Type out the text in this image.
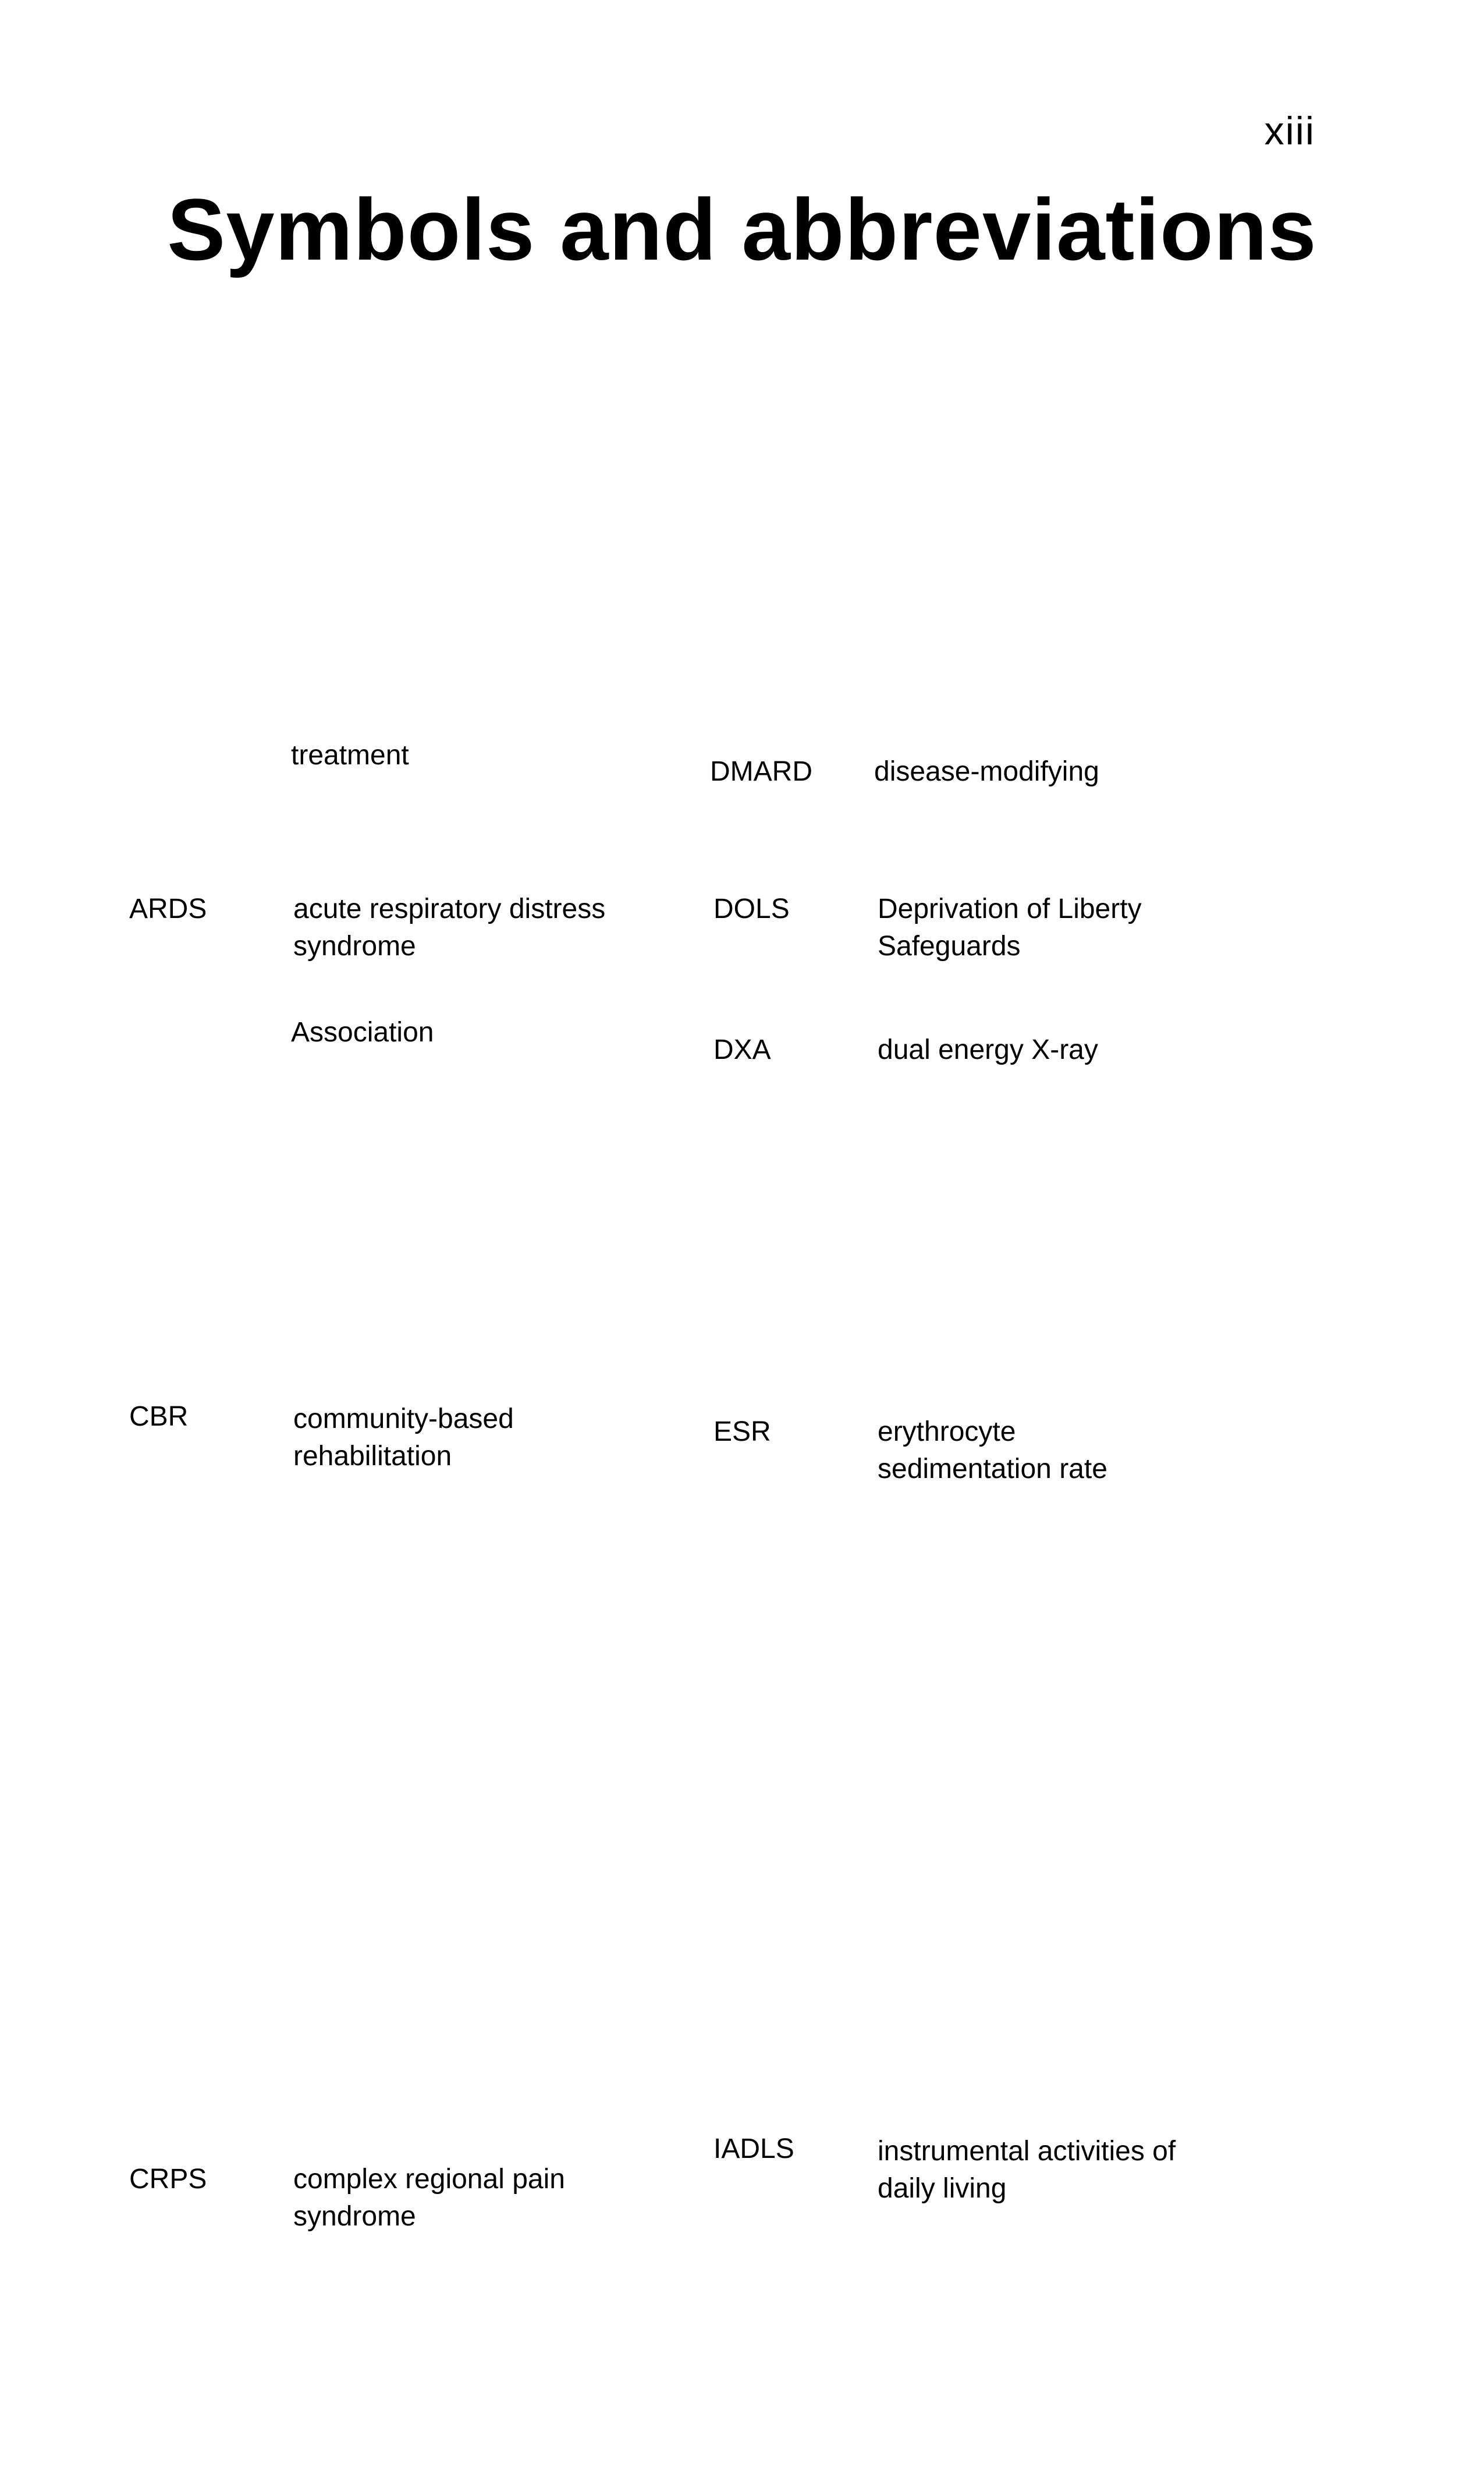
xiii
Symbols and abbreviations
treatment
DMARD disease-modifying
ARDS	acute respiratory distress
syndrome
DOLS	Deprivation of Liberty
Safeguards
Association
DXA	dual energy X-ray
CBR	community-based
rehabilitation
ESR	erythrocyte
sedimentation rate
IADLS	instrumental activities of
daily living
CRPS	complex regional pain
syndrome
